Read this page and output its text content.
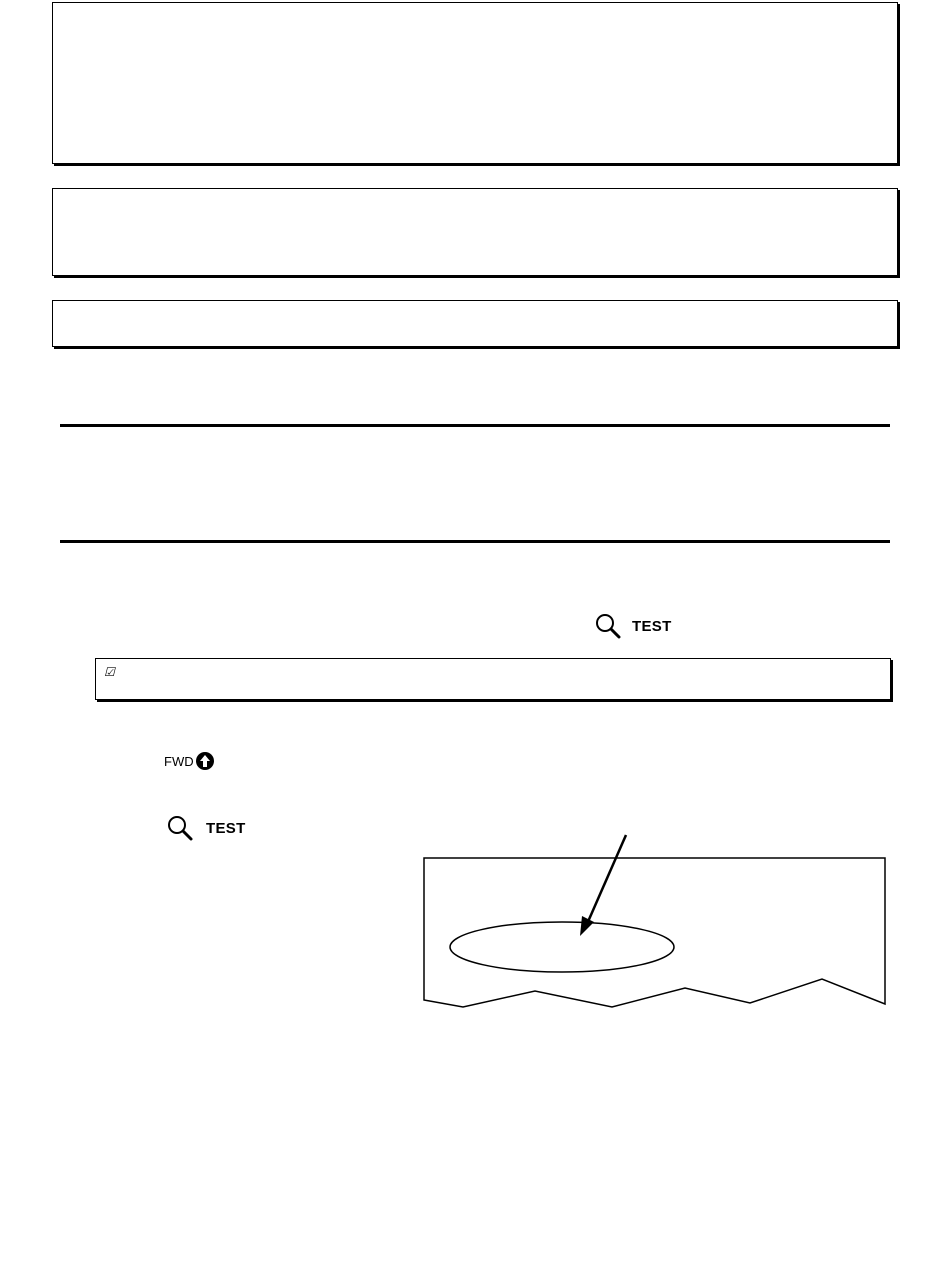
TEST
☑
FWD
TEST
